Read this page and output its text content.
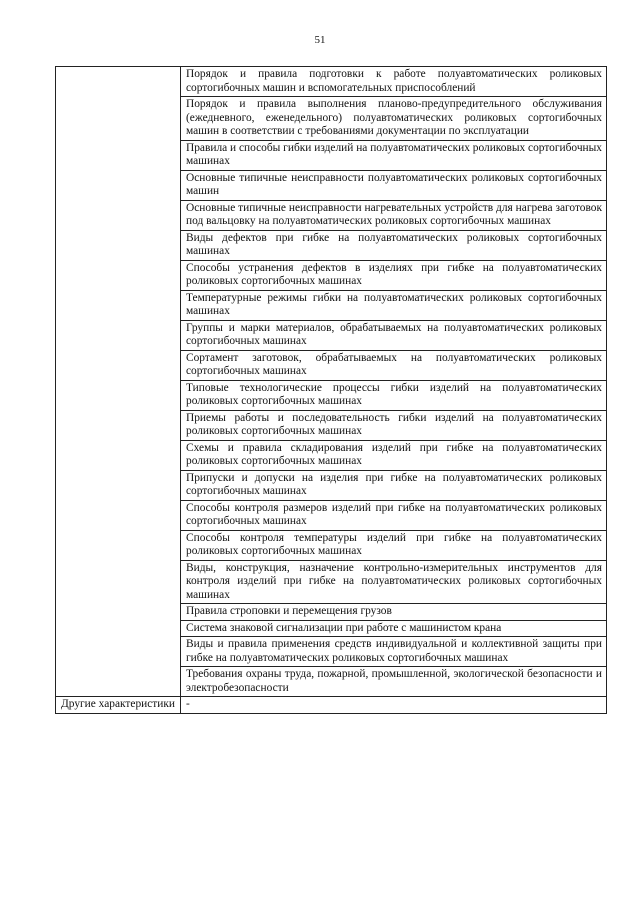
51
	Порядок и правила подготовки к работе полуавтоматических роликовых сортогибочных машин и вспомогательных приспособлений
	Порядок и правила выполнения планово-предупредительного обслуживания (ежедневного, еженедельного) полуавтоматических роликовых сортогибочных машин в соответствии с требованиями документации по эксплуатации
	Правила и способы гибки изделий на полуавтоматических роликовых сортогибочных машинах
	Основные типичные неисправности полуавтоматических роликовых сортогибочных машин
	Основные типичные неисправности нагревательных устройств для нагрева заготовок под вальцовку на полуавтоматических роликовых сортогибочных машинах
	Виды дефектов при гибке на полуавтоматических роликовых сортогибочных машинах
	Способы устранения дефектов в изделиях при гибке на полуавтоматических роликовых сортогибочных машинах
	Температурные режимы гибки на полуавтоматических роликовых сортогибочных машинах
	Группы и марки материалов, обрабатываемых на полуавтоматических роликовых сортогибочных машинах
	Сортамент заготовок, обрабатываемых на полуавтоматических роликовых сортогибочных машинах
	Типовые технологические процессы гибки изделий на полуавтоматических роликовых сортогибочных машинах
	Приемы работы и последовательность гибки изделий на полуавтоматических роликовых сортогибочных машинах
	Схемы и правила складирования изделий при гибке на полуавтоматических роликовых сортогибочных машинах
	Припуски и допуски на изделия при гибке на полуавтоматических роликовых сортогибочных машинах
	Способы контроля размеров изделий при гибке на полуавтоматических роликовых сортогибочных машинах
	Способы контроля температуры изделий при гибке на полуавтоматических роликовых сортогибочных машинах
	Виды, конструкция, назначение контрольно-измерительных инструментов для контроля изделий при гибке на полуавтоматических роликовых сортогибочных машинах
	Правила строповки и перемещения грузов
	Система знаковой сигнализации при работе с машинистом крана
	Виды и правила применения средств индивидуальной и коллективной защиты при гибке на полуавтоматических роликовых сортогибочных машинах
	Требования охраны труда, пожарной, промышленной, экологической безопасности и электробезопасности
Другие характеристики	-
